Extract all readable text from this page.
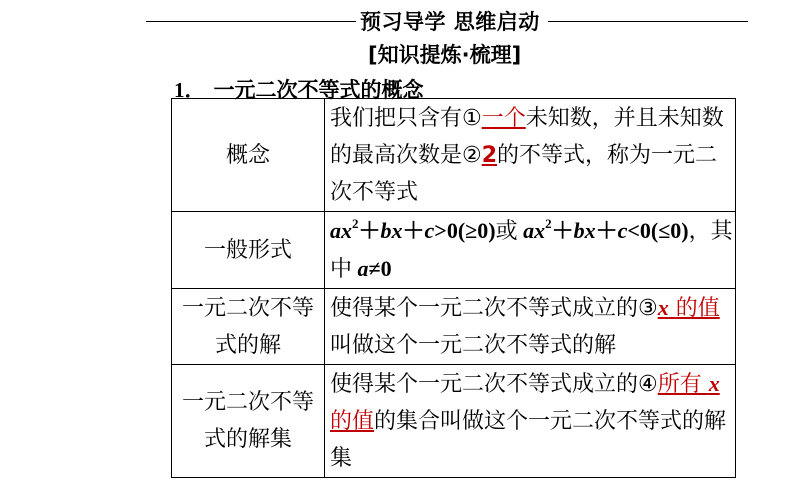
预习导学 思维启动
[知识提炼·梳理]
1． 一元二次不等式的概念
概念	我们把只含有①一个未知数，并且未知数的最高次数是②2的不等式，称为一元二次不等式
一般形式	$ax^2+bx+c>0(\ge 0)$或 $ax^2+bx+c<0(\le 0)$，其中 a≠0
一元二次不等式的解	使得某个一元二次不等式成立的③x 的值叫做这个一元二次不等式的解
一元二次不等式的解集	使得某个一元二次不等式成立的④所有 x 的值的集合叫做这个一元二次不等式的解集
